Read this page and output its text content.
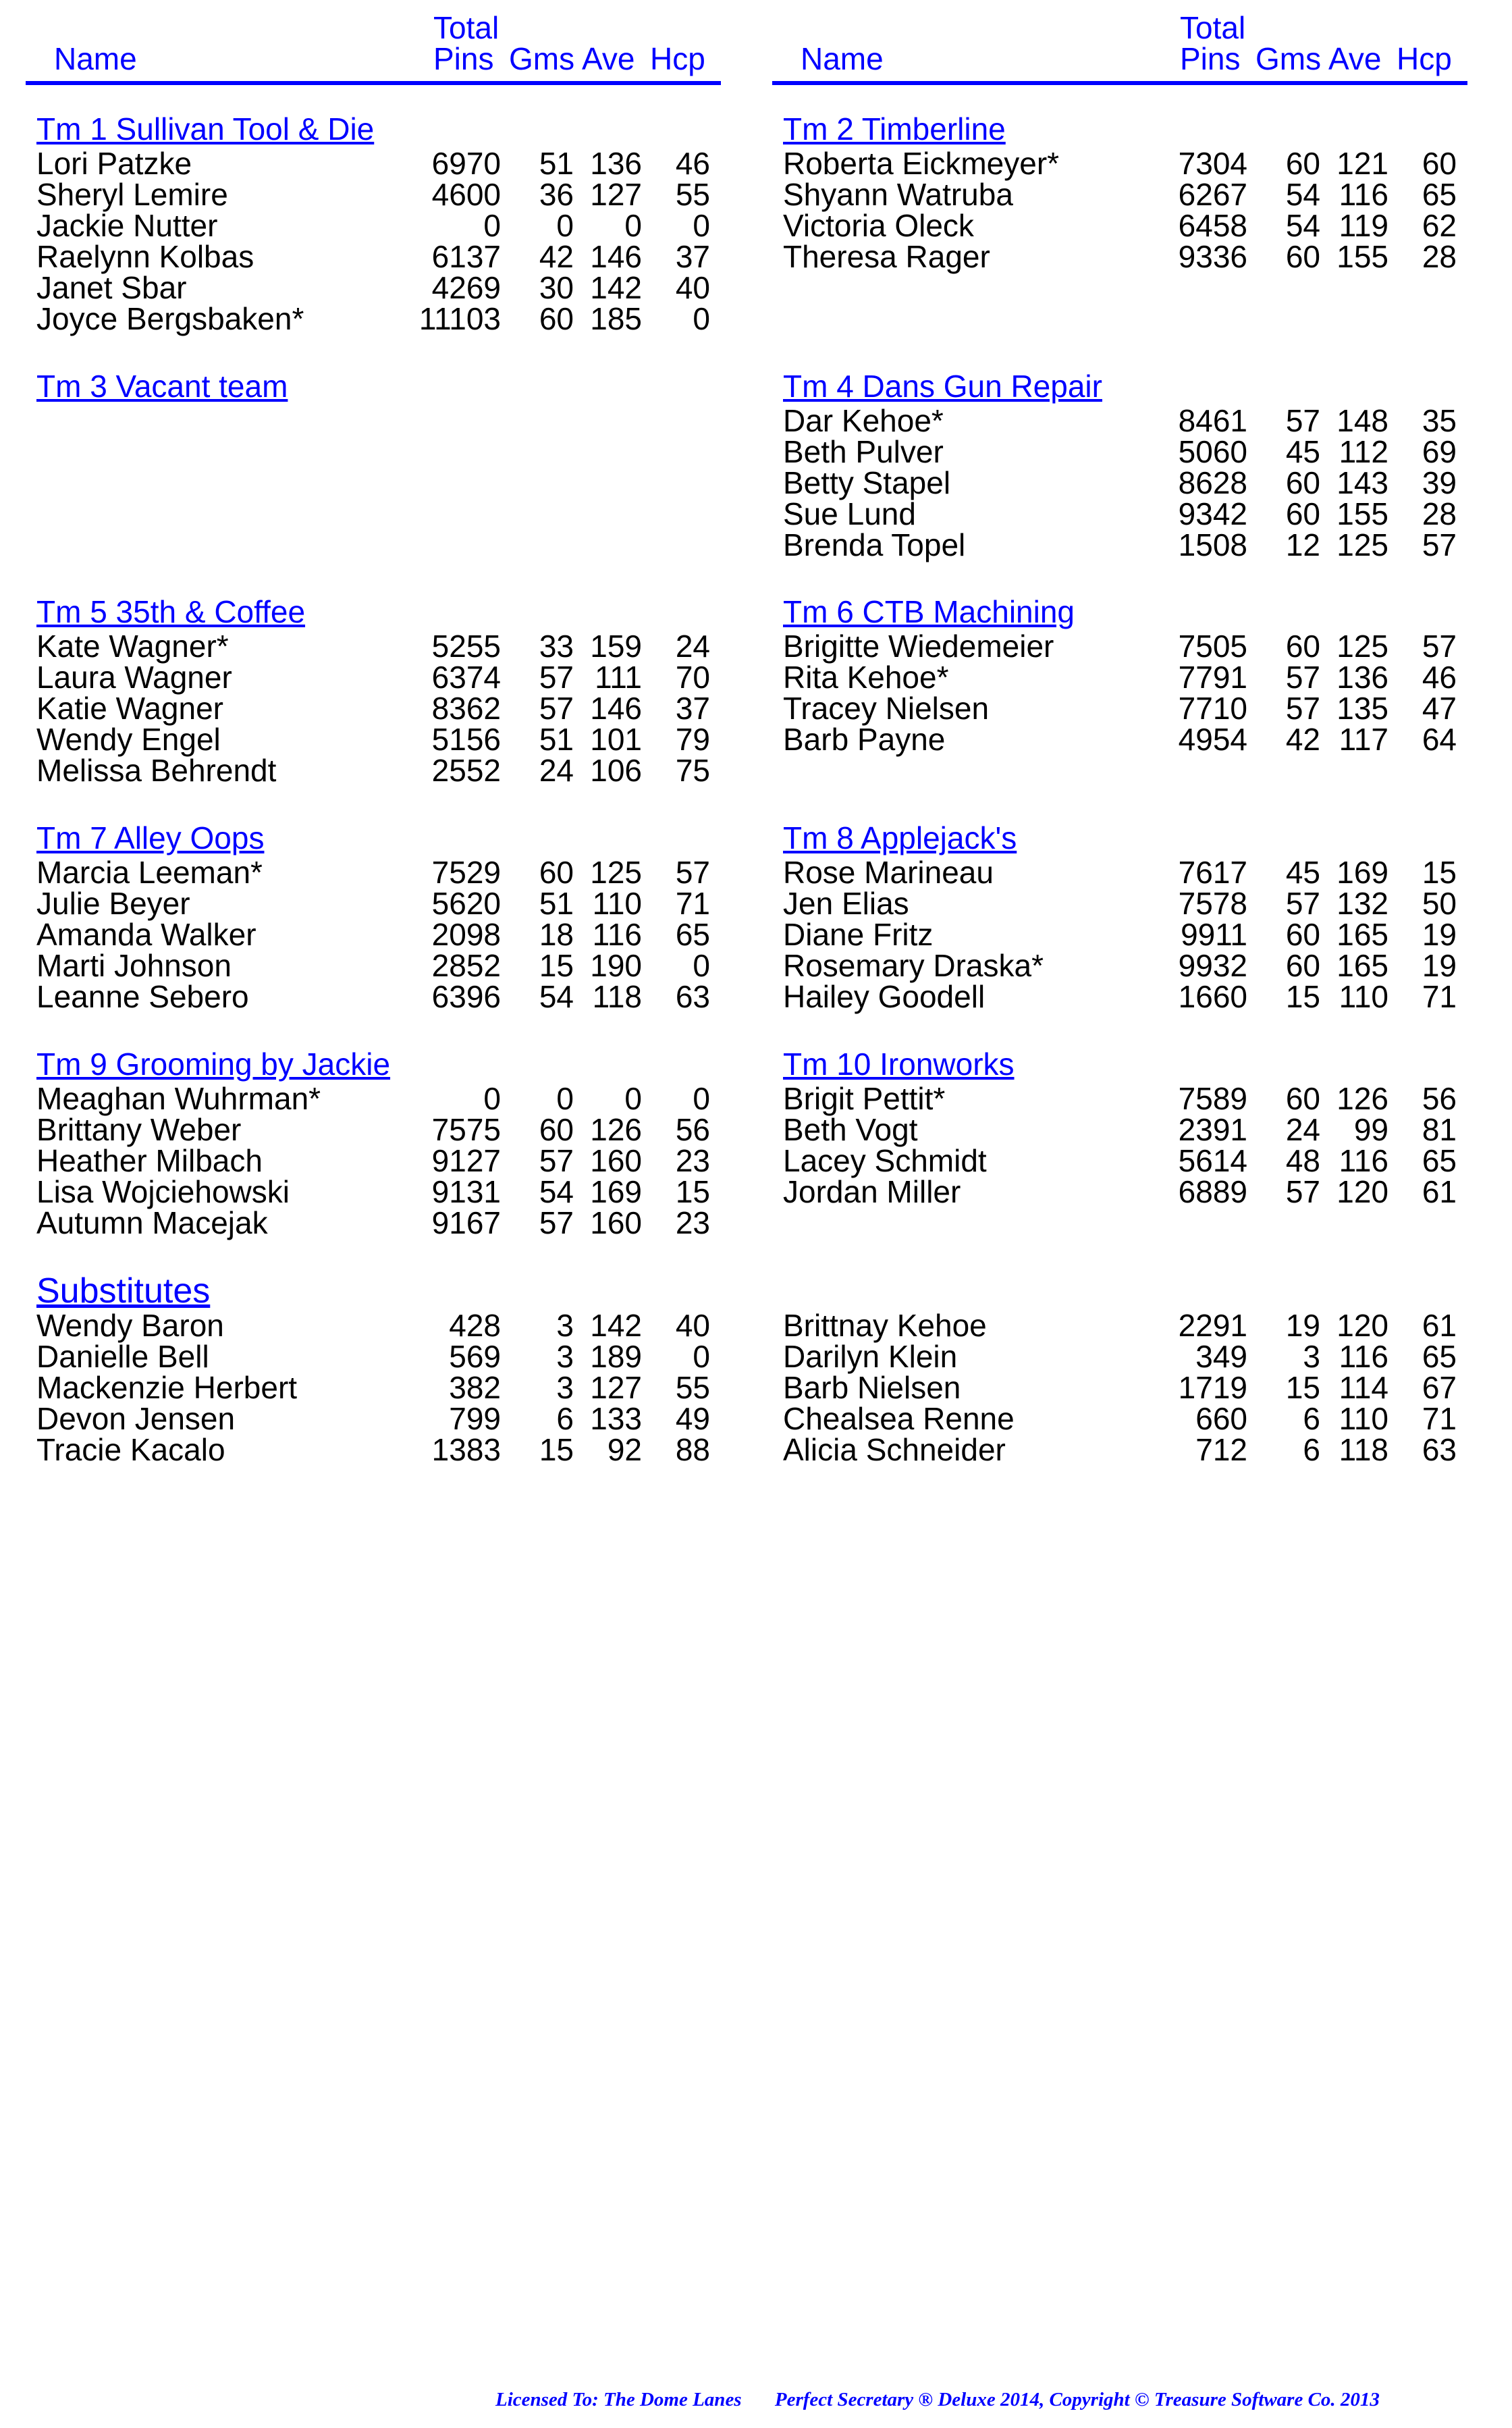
Total
Name	Pins Gms Ave Hcp
Tm 1 Sullivan Tool & Die
Lori Patzke	6970 51 136 46
Sheryl Lemire	4600 36 127 55
Jackie Nutter	0 0 0 0
Raelynn Kolbas	6137 42 146 37
Janet Sbar	4269 30 142 40
Joyce Bergsbaken*	11103 60 185 0
Tm 3 Vacant team
Tm 5 35th & Coffee
Kate Wagner*	5255 33 159 24
Laura Wagner	6374 57 111 70
Katie Wagner	8362 57 146 37
Wendy Engel	5156 51 101 79
Melissa Behrendt	2552 24 106 75
Tm 7 Alley Oops
Marcia Leeman*	7529 60 125 57
Julie Beyer	5620 51 110 71
Amanda Walker	2098 18 116 65
Marti Johnson	2852 15 190 0
Leanne Sebero	6396 54 118 63
Tm 9 Grooming by Jackie
Meaghan Wuhrman*	0 0 0 0
Brittany Weber	7575 60 126 56
Heather Milbach	9127 57 160 23
Lisa Wojciehowski	9131 54 169 15
Autumn Macejak	9167 57 160 23
Substitutes
Wendy Baron	428 3 142 40
Danielle Bell	569 3 189 0
Mackenzie Herbert	382 3 127 55
Devon Jensen	799 6 133 49
Tracie Kacalo	1383 15 92 88
Total
Name	Pins Gms Ave Hcp
Tm 2 Timberline
Roberta Eickmeyer*	7304 60 121 60
Shyann Watruba	6267 54 116 65
Victoria Oleck	6458 54 119 62
Theresa Rager	9336 60 155 28
Tm 4 Dans Gun Repair
Dar Kehoe*	8461 57 148 35
Beth Pulver	5060 45 112 69
Betty Stapel	8628 60 143 39
Sue Lund	9342 60 155 28
Brenda Topel	1508 12 125 57
Tm 6 CTB Machining
Brigitte Wiedemeier	7505 60 125 57
Rita Kehoe*	7791 57 136 46
Tracey Nielsen	7710 57 135 47
Barb Payne	4954 42 117 64
Tm 8 Applejack's
Rose Marineau	7617 45 169 15
Jen Elias	7578 57 132 50
Diane Fritz	9911 60 165 19
Rosemary Draska*	9932 60 165 19
Hailey Goodell	1660 15 110 71
Tm 10 Ironworks
Brigit Pettit*	7589 60 126 56
Beth Vogt	2391 24 99 81
Lacey Schmidt	5614 48 116 65
Jordan Miller	6889 57 120 61
Brittnay Kehoe	2291 19 120 61
Darilyn Klein	349 3 116 65
Barb Nielsen	1719 15 114 67
Chealsea Renne	660 6 110 71
Alicia Schneider	712 6 118 63
Licensed To: The Dome Lanes Perfect Secretary ® Deluxe 2014, Copyright © Treasure Software Co. 2013
